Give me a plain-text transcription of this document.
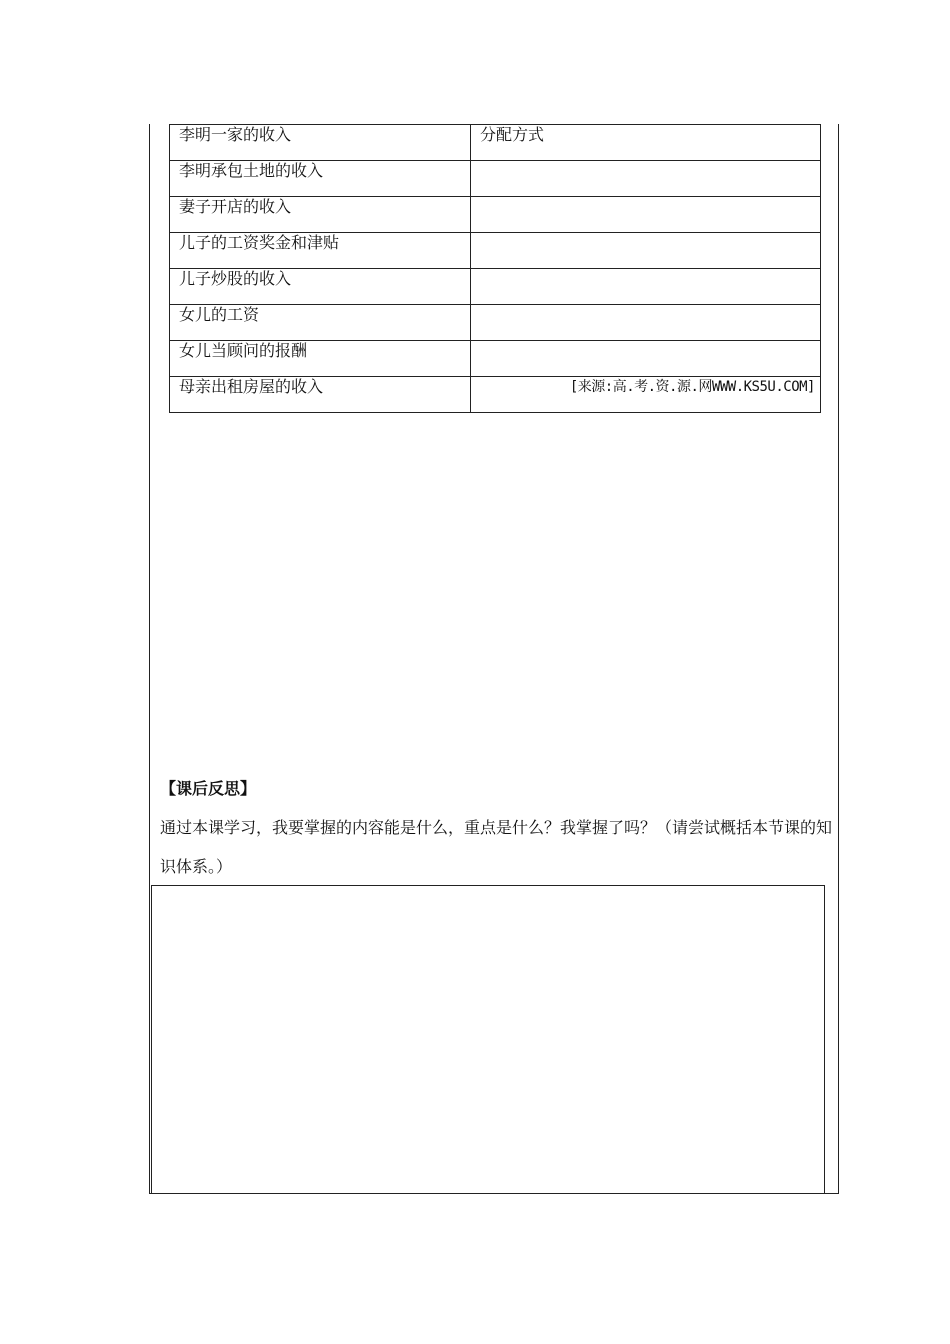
李明一家的收入	分配方式
李明承包土地的收入	
妻子开店的收入	
儿子的工资奖金和津贴	
儿子炒股的收入	
女儿的工资	
女儿当顾问的报酬	
母亲出租房屋的收入	[来源:高.考.资.源.网WWW.KS5U.COM]
【课后反思】
通过本课学习，我要掌握的内容能是什么，重点是什么？我掌握了吗？（请尝试概括本节课的知识体系。）
